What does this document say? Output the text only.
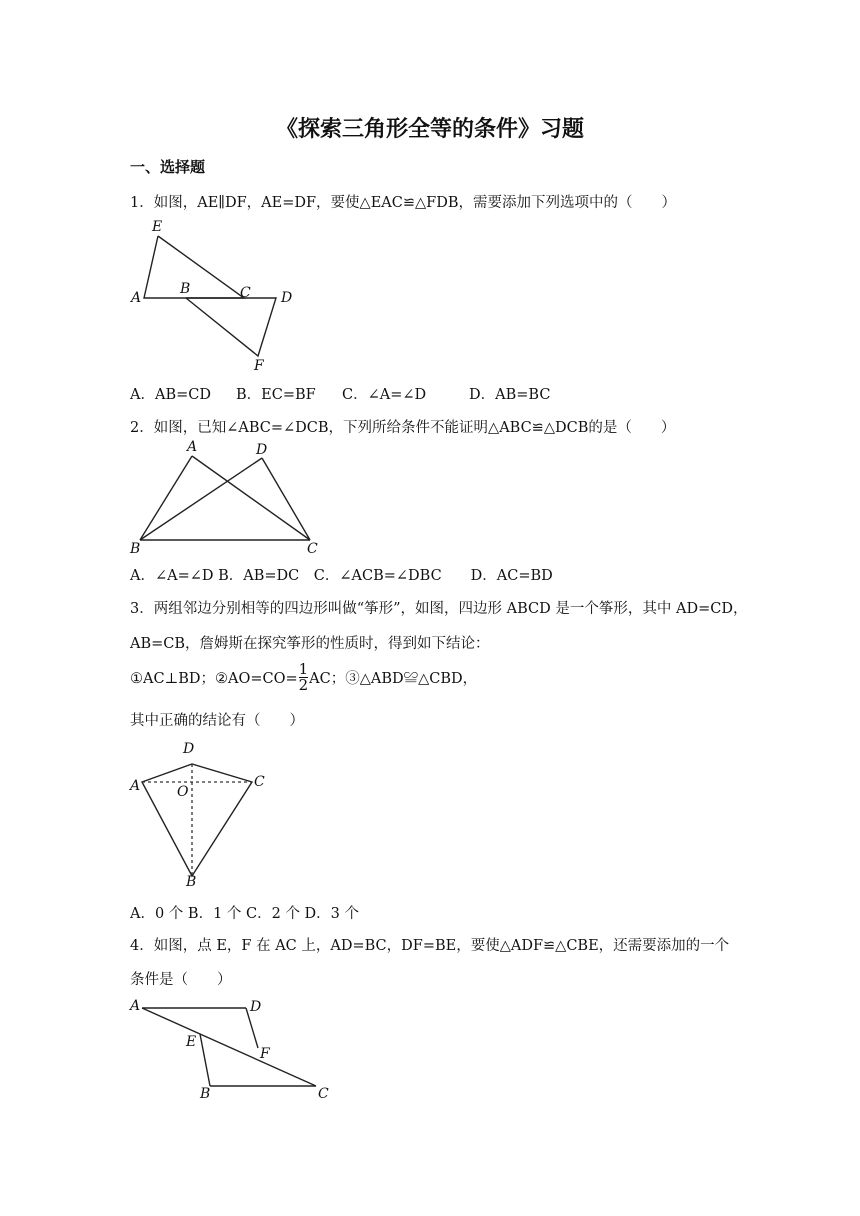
《探索三角形全等的条件》习题
一、选择题
1．如图，AE∥DF，AE=DF，要使△EAC≌△FDB，需要添加下列选项中的（　　）
E
A
B	C D
F
A．AB=CD B．EC=BF C．∠A=∠D	D．AB=BC
2．如图，已知∠ABC=∠DCB，下列所给条件不能证明△ABC≌△DCB的是（　　）
A	D
B	C
A．∠A=∠D B．AB=DC　C．∠ACB=∠DBC　　D．AC=BD
3．两组邻边分别相等的四边形叫做“筝形”，如图，四边形 ABCD 是一个筝形，其中 AD=CD，
AB=CB，詹姆斯在探究筝形的性质时，得到如下结论：
①AC⊥BD；②AO=CO= $\frac{1}{2}$ AC；③△ABD≌△CBD，
其中正确的结论有（　　）
D
A	O
C
B
A．0 个 B．1 个 C．2 个 D．3 个
4．如图，点 E，F 在 AC 上，AD=BC，DF=BE，要使△ADF≌△CBE，还需要添加的一个
条件是（　　）
A	D
E
F
B	C
